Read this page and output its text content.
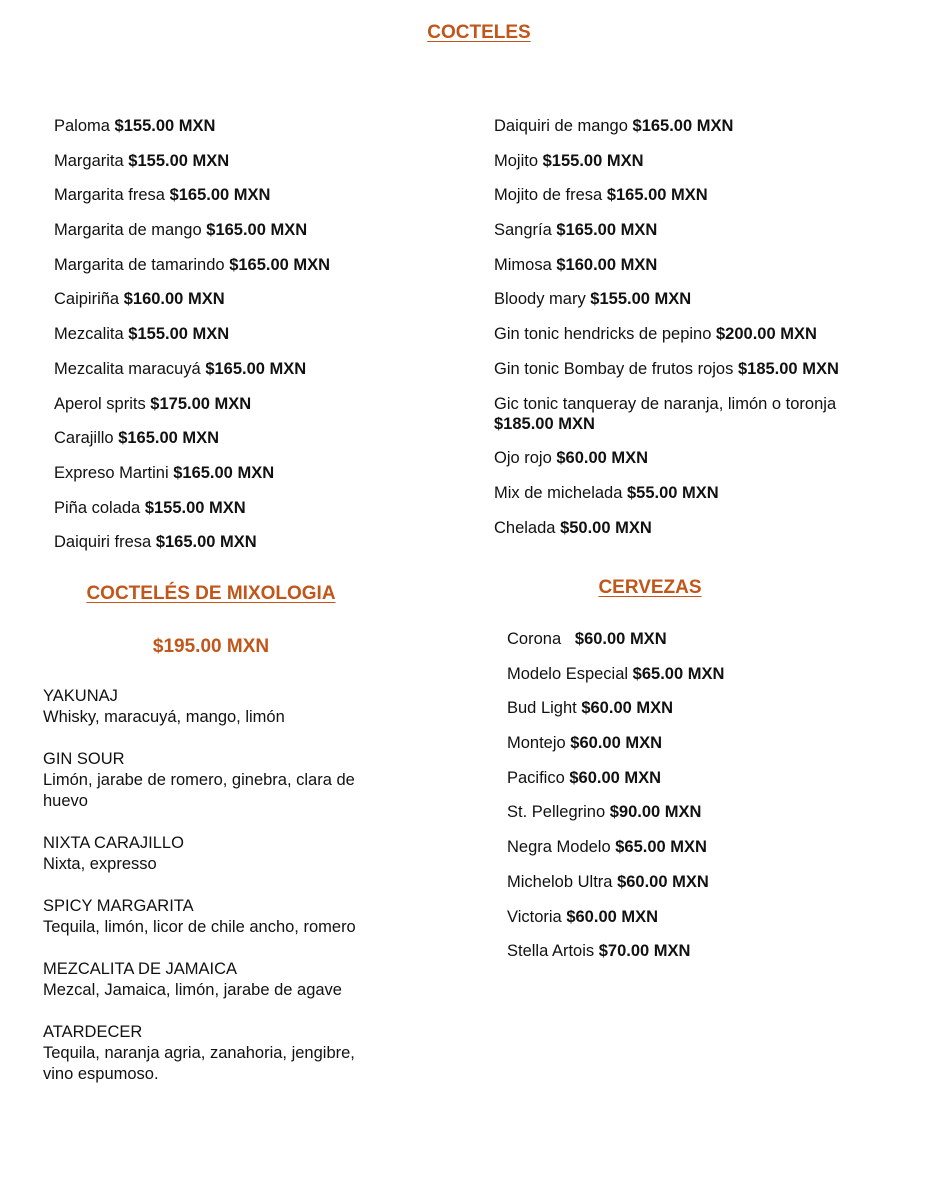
COCTELES
Paloma $155.00 MXN
Margarita $155.00 MXN
Margarita fresa $165.00 MXN
Margarita de mango $165.00 MXN
Margarita de tamarindo $165.00 MXN
Caipiriña $160.00 MXN
Mezcalita $155.00 MXN
Mezcalita maracuyá $165.00 MXN
Aperol sprits $175.00 MXN
Carajillo $165.00 MXN
Expreso Martini $165.00 MXN
Piña colada $155.00 MXN
Daiquiri fresa $165.00 MXN
Daiquiri de mango $165.00 MXN
Mojito $155.00 MXN
Mojito de fresa $165.00 MXN
Sangría $165.00 MXN
Mimosa $160.00 MXN
Bloody mary $155.00 MXN
Gin tonic hendricks de pepino $200.00 MXN
Gin tonic Bombay de frutos rojos $185.00 MXN
Gic tonic tanqueray de naranja, limón o toronja $185.00 MXN
Ojo rojo $60.00 MXN
Mix de michelada $55.00 MXN
Chelada $50.00 MXN
COCTELÉS DE MIXOLOGIA
$195.00 MXN
YAKUNAJ
Whisky, maracuyá, mango, limón
GIN SOUR
Limón, jarabe de romero, ginebra, clara de huevo
NIXTA CARAJILLO
Nixta, expresso
SPICY MARGARITA
Tequila, limón, licor de chile ancho, romero
MEZCALITA DE JAMAICA
Mezcal, Jamaica, limón, jarabe de agave
ATARDECER
Tequila, naranja agria, zanahoria, jengibre, vino espumoso.
CERVEZAS
Corona   $60.00 MXN
Modelo Especial $65.00 MXN
Bud Light $60.00 MXN
Montejo $60.00 MXN
Pacifico $60.00 MXN
St. Pellegrino $90.00 MXN
Negra Modelo $65.00 MXN
Michelob Ultra $60.00 MXN
Victoria $60.00 MXN
Stella Artois $70.00 MXN
